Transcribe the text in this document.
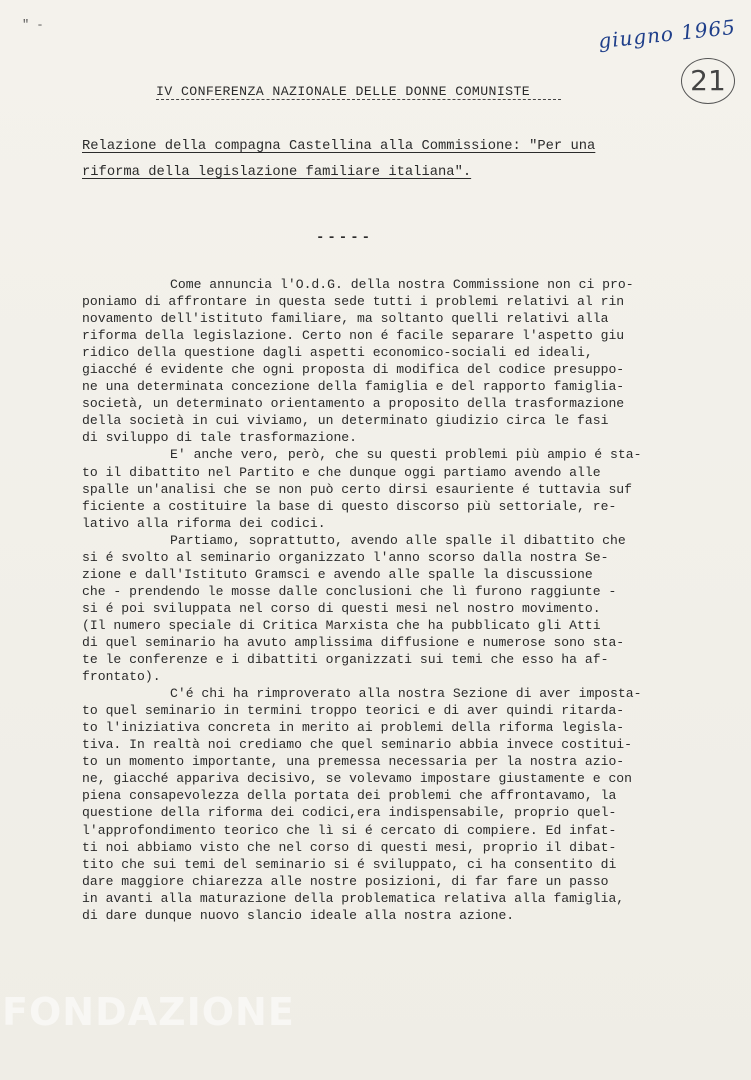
" -	giugno 1965
21
IV CONFERENZA NAZIONALE DELLE DONNE COMUNISTE
Relazione della compagna Castellina alla Commissione: "Per una
riforma della legislazione familiare italiana".
-----
Come annuncia l'O.d.G. della nostra Commissione non ci pro-
poniamo di affrontare in questa sede tutti i problemi relativi al rin
novamento dell'istituto familiare, ma soltanto quelli relativi alla
riforma della legislazione. Certo non é facile separare l'aspetto giu
ridico della questione dagli aspetti economico-sociali ed ideali,
giacché é evidente che ogni proposta di modifica del codice presuppo-
ne una determinata concezione della famiglia e del rapporto famiglia-
società, un determinato orientamento a proposito della trasformazione
della società in cui viviamo, un determinato giudizio circa le fasi
di sviluppo di tale trasformazione.
E' anche vero, però, che su questi problemi più ampio é sta-
to il dibattito nel Partito e che dunque oggi partiamo avendo alle
spalle un'analisi che se non può certo dirsi esauriente é tuttavia suf
ficiente a costituire la base di questo discorso più settoriale, re-
lativo alla riforma dei codici.
Partiamo, soprattutto, avendo alle spalle il dibattito che
si é svolto al seminario organizzato l'anno scorso dalla nostra Se-
zione e dall'Istituto Gramsci e avendo alle spalle la discussione
che - prendendo le mosse dalle conclusioni che lì furono raggiunte -
si é poi sviluppata nel corso di questi mesi nel nostro movimento.
(Il numero speciale di Critica Marxista che ha pubblicato gli Atti
di quel seminario ha avuto amplissima diffusione e numerose sono sta-
te le conferenze e i dibattiti organizzati sui temi che esso ha af-
frontato).
C'é chi ha rimproverato alla nostra Sezione di aver imposta-
to quel seminario in termini troppo teorici e di aver quindi ritarda-
to l'iniziativa concreta in merito ai problemi della riforma legisla-
tiva. In realtà noi crediamo che quel seminario abbia invece costitui-
to un momento importante, una premessa necessaria per la nostra azio-
ne, giacché appariva decisivo, se volevamo impostare giustamente e con
piena consapevolezza della portata dei problemi che affrontavamo, la
questione della riforma dei codici,era indispensabile, proprio quel-
l'approfondimento teorico che lì si é cercato di compiere. Ed infat-
ti noi abbiamo visto che nel corso di questi mesi, proprio il dibat-
tito che sui temi del seminario si é sviluppato, ci ha consentito di
dare maggiore chiarezza alle nostre posizioni, di far fare un passo
in avanti alla maturazione della problematica relativa alla famiglia,
di dare dunque nuovo slancio ideale alla nostra azione.
FONDAZIONE
